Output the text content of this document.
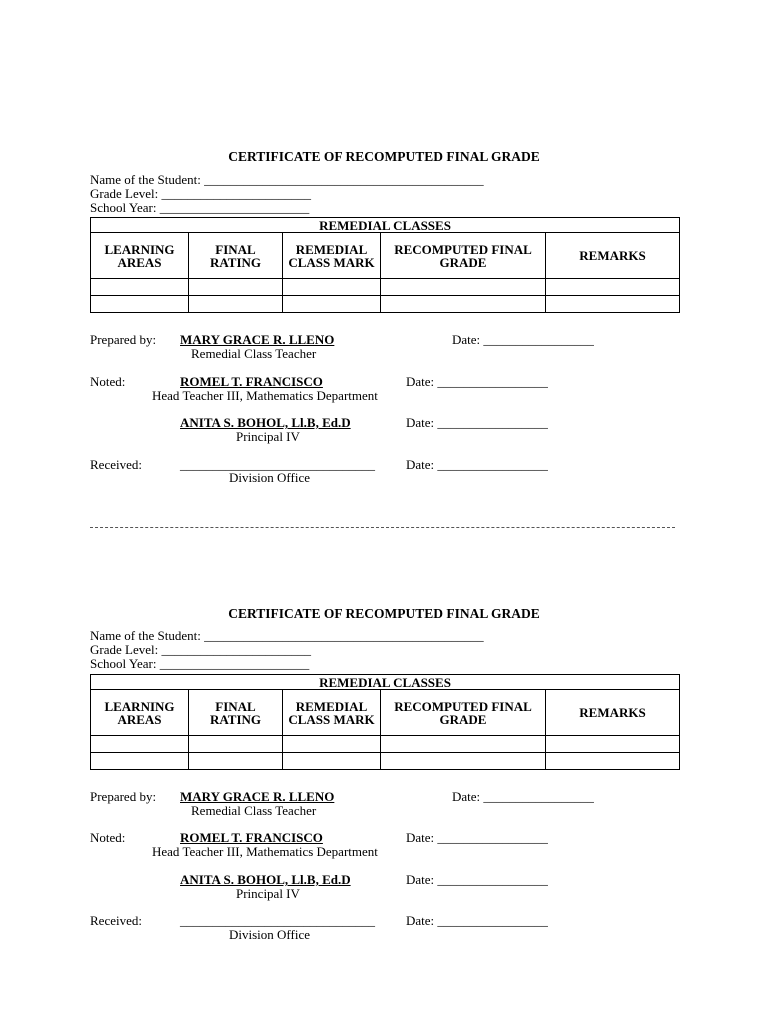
CERTIFICATE OF RECOMPUTED FINAL GRADE
Name of the Student: ___________________________________________
Grade Level: _______________________
School Year: _______________________
REMEDIAL CLASSES				
LEARNING AREAS	FINAL RATING	REMEDIAL CLASS MARK	RECOMPUTED FINAL GRADE	REMARKS

Prepared by: MARY GRACE R. LLENO
Remedial Class Teacher
Date: _________________
Noted:	ROMEL T. FRANCISCO
Head Teacher III, Mathematics Department
Date: _________________
ANITA S. BOHOL, Ll.B, Ed.D
Principal IV
Date: _________________
Received:	______________________________
Division Office
Date: _________________
CERTIFICATE OF RECOMPUTED FINAL GRADE
Name of the Student: ___________________________________________
Grade Level: _______________________
School Year: _______________________
REMEDIAL CLASSES				
LEARNING AREAS	FINAL RATING	REMEDIAL CLASS MARK	RECOMPUTED FINAL GRADE	REMARKS

Prepared by: MARY GRACE R. LLENO
Remedial Class Teacher
Date: _________________
Noted:	ROMEL T. FRANCISCO
Head Teacher III, Mathematics Department
Date: _________________
ANITA S. BOHOL, Ll.B, Ed.D
Principal IV
Date: _________________
Received:	______________________________
Division Office
Date: _________________
